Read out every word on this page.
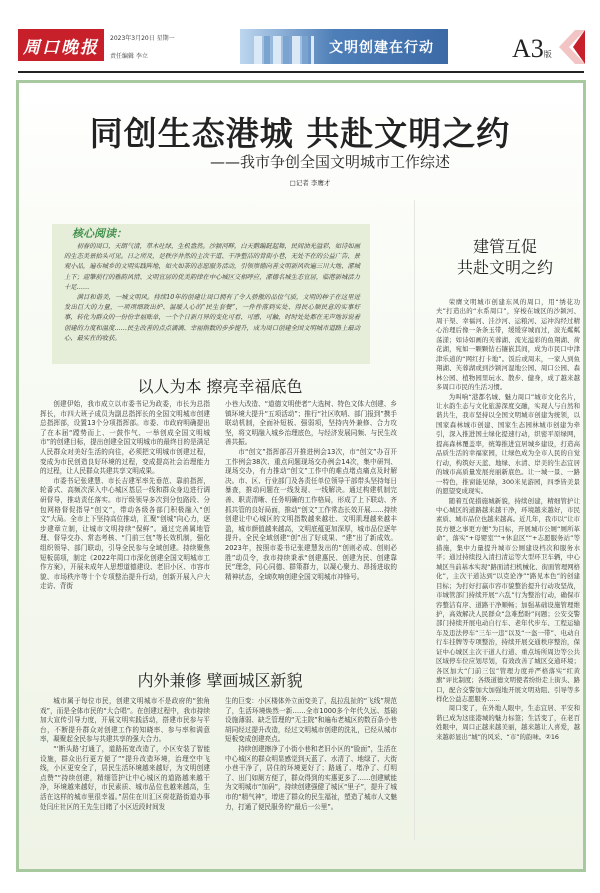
周口晚报	2023年3月20日 星期一
责任编辑 李立
文明创建在行动	A3版
同创生态港城 共赴文明之约
——我市争创全国文明城市工作综述
□记者 李鹰才
核心阅读：

初春的周口，天朗气清，草木吐绿，生机盎然。沙颍河畔，白天鹅蹁跹起舞，民间油光溢彩，如诗如画的生态美景抬头可见。日之所及，是秩序井然的主次干道、干净整洁的背街小巷，无处不在的公益广告、景观小品，遍布城乡的文明实践阵地，如火如荼的志愿服务活动，引领崇德向善文明新风吹遍三川大地、漯城上下；迎擎前行的雅韵风情、文明宜居的优美韵律在中心城区交相呼应，漯德名城生态宜居，临港新城活力十足……

满目和谐美，一城文明风。持续10年的创建让周口拥有了令人骄傲的品位气质，文明的种子在这里迸发出巨大的力量，一项项细致出炉、温暖人心的“民生套餐”，一件件落到实处、得民心顺民意的实事好事，转化为群众的一份份幸福账单，一个个日新月异的变化可看、可感、可触，时时处处都在无声地诉说着创建的力度和温度……民生改善的点点滴滴、幸福指数的步步提升，成为周口创建全国文明城市道路上最动心、最实在的收获。

以人为本 擦亮幸福底色

创建伊始，我市成立以市委书记为政委，市长为总指挥长，市四大班子成员为副总指挥长的全国文明城市创建总指挥部，设置13个分项指挥部。市委、市政府明确提出了在本届“蹚势而上、一鼓作气、一举创成全国文明城市”的创建目标，提出创建全国文明城市的最终目的是满足人民群众对美好生活的向往，必须把文明城市创建过程，变成为市民创造良好环境的过程，变成提高社会治理能力的过程，让人民群众共建共享文明成果。

市委书记张建慧、市长吉建军率先垂范、靠前指挥，轮番式、高频次深入中心城区基层一线和群众身边进行调研督导，推动责任落实。市厅级领导多次到分包路段、分包网格督促指导“创文”，带动各级各部门积极融入“创文”大局。全市上下坚持高位推动，汇聚“创城”向心力，逐步建章立制，让城市文明持续“保鲜”。通过完善属地管理、督导交办、常态考核、“门前三包”等长效机制，强化组织领导、部门联动，引导全民参与全域创建。持续聚焦短板弱项，制定《2022年周口市深化创建全国文明城市工作方案》，开展未成年人思想道德建设、老旧小区、市容市貌、市场秩序等十个专项整治提升行动，创新开展入户大走访、背街

小巷大改造、“道德文明使者”大选树、特色文体大创建、乡镇环境大提升“五项活动”；推行“社区吹哨、部门报到”携手联动机制，全面补短板、强弱项，坚持内外兼修、合力攻坚，将文明融入城乡治理底色，与经济发展同频、与民生改善共振。

市“创文”指挥部召开推进例会13次，市“创文”办召开工作例会38次、重点问题现场交办例会14次，集中研判、现场交办，有力推动“创文”工作中的难点堵点痛点及时解决。市、区、行业部门及各责任单位领导干部带头坚持每日暴查，推动问题在一线发现、一线解决。通过构建机制完善、职责清晰、任务明确的工作格局，形成了上下联动、齐抓共管的良好局面，推动“创文”工作常态长效开展……持续创建让中心城区的文明指数越来越壮、文明肌理越来越丰盈，城市颜值越来越高，文明底蕴更加深厚，城市品位逐年提升。全民全域创建“创”出了好成果、“建”出了新成效。2023年，按照市委书记张建慧发出的“创则必成、创则必胜”动员令，我市持续秉承“创建惠民、创建为民、创建靠民”理念，同心同德、群策群力，以凝心聚力、昂扬进取的精神状态，全域吹响创建全国文明城市冲锋号。

内外兼修 擘画城区新貌

城市属于每位市民，创建文明城市不是政府的“独角戏”，而是全体市民的“大合唱”。在创建过程中，我市持续加大宣传引导力度，开展文明实践活动，搭建市民参与平台，不断提升群众对创建工作的知晓率、参与率和满意率，凝聚起全民参与共建共享的强大合力。

“‘断头路’打通了，道路拓宽改造了，小区安装了智能设施，群众出行更方便了”“提升改造环境，治理空中飞线，小区更安全了，居民生活环境越来越好，为文明创建点赞”“持续创建，精细管护让中心城区的道路越来越干净，环境越来越好，市民素质、城市品位也越来越高，生活在这样的城市里很幸福。”居住在川汇区荷花路街道办事处闫庄社区的王先生目睹了小区近段时间发

生的巨变：小区楼体外立面变美了，乱拉乱扯的“飞线”规范了，生活环境焕然一新……全市1000多个年代久远、基础设施薄弱、缺乏管理的“无主院”和遍布老城区的数百条小巷胡同经过提升改造，经过文明城市创建的洗礼，已经从城市短板变成创建亮点。

持续创建擦净了小街小巷和老旧小区的“脸面”，生活在中心城区的群众明显感觉到天蓝了、水清了、地绿了、大街小巷干净了，居住的环境更好了；路通了、堵净了、灯明了、出门如厕方便了，群众得到的实惠更多了……创建赋能为文明城市“加码”，持续创建强健了城区“里子”，提升了城市的“精气神”，增进了群众的民生福祉，塑造了城市人文魅力，打通了便民服务的“最后一公里”。

建管互促
共赴文明之约

荣膺文明城市创建东风的周口，用“绣花功夫”打造出的“水系周口”，穿梭在城区的沙颍河、周干渠、幸福河、洼沙河、运粮河、运冲沟经过精心治理后像一条条玉带，缓缓穿城而过，波光粼粼荡漾；如诗如画的芙蓉湖、流光溢彩的鱼翔湖、荷花湖，宛如一颗颗钻石镶嵌其间，成为市民口中津津乐道的“网红打卡地”。饭后或周末，一家人到鱼翔湖、芙蓉湖或到沙颍河湿地公园、周口公园、森林公园、植物园里玩水、散步、健身，成了越来越多周口市民的生活习惯。

为叫响“港都名城、魅力周口”城市文化名片，让水韵生态与文化旅游深度交融，实现人与自然和谐共生，我市坚持以全国文明城市创建为统领，以国家森林城市创建、国家生态园林城市创建为牵引，深入推进国土绿化提速行动，织密平原绿网，提高森林覆盖率，统筹推进宜居城乡建设，打造高品质生活的幸福家园，让绿色成为全市人民的自觉行动，构筑好天蓝、地绿、水清、岸美的生态宜居的城市高质量发展亮丽新底色。让一城一景、一路一特色，推窗能见绿，300米见游园，四季皆美景的愿望变成现实。

随着互促措施城新貌，持续创建，精细管护让中心城区的道路越来越干净，环境越来越好，市民素质、城市品位也越来越高。近几年，我市以“让市民方便之事更方便”为目标，开展城市公厕“厕所革命”，落实“+母婴室”“+休息区”“+志愿服务站”等措施，集中力量提升城市公厕建设档次和服务水平；通过持续投入清扫清运等大型环卫车辆，中心城区当前基本实现“路面清扫机械化、街面管理网格化”，主次干道达到“以克论净”“路见本色”的创建目标；为打好打赢市容市貌整治提升行动攻坚战，市城管部门持续开展“六乱”行为整治行动，确保市容整洁有序、道路干净顺畅；加强基础设施管理维护，高效解决人民群众“急难愁盼”问题；公安交警部门持续开展电动自行车、老年代步车、工程运输车及违法停车“三车一违”以及“一盔一带”、电动自行车挂牌等专项整治，持续开展交通秩序整治，保证中心城区主次干道人行道、重点场所周边等公共区域停车位应划尽划，有效改善了城区交通环境；各区加大“门前三包”管理力度并严格落实“红黄旗”评比制度；各级道德文明使者纷纷走上街头、路口，配合交警加大加强地开展文明劝阻、引导等多样化公益志愿服务……

周口变了，在外地人眼中，生态宜居、平安和谐已成为这座港城的魅力标签；生活变了，在老百姓眼中，周口正越来越美丽，越来越让人喜爱，越来越彰显出“城”的风采、“市”的韵味。②16
